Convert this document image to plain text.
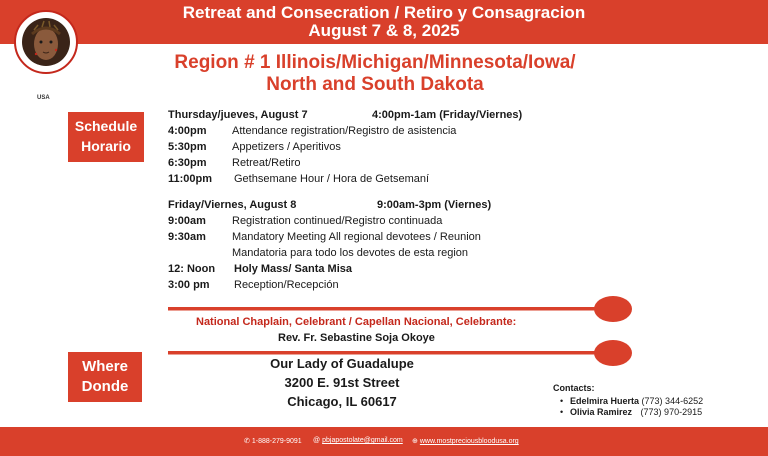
Retreat and Consecration / Retiro y Consagracion
August 7 & 8, 2025
USA
Region # 1 Illinois/Michigan/Minnesota/Iowa/
North and South Dakota
Schedule
Horario
Thursday/jueves, August 7	4:00pm-1am (Friday/Viernes)
4:00pm Attendance registration/Registro de asistencia
5:30pm Appetizers / Aperitivos
6:30pm Retreat/Retiro
11:00pm Gethsemane Hour / Hora de Getsemaní
Friday/Viernes, August 8	9:00am-3pm (Viernes)
9:00am Registration continued/Registro continuada
9:30am Mandatory Meeting All regional devotees / Reunion
Mandatoria para todo los devotes de esta region
12: Noon Holy Mass/ Santa Misa
3:00 pm Reception/Recepción
National Chaplain, Celebrant / Capellan Nacional, Celebrante:
Rev. Fr. Sebastine Soja Okoye
Where
Donde
Our Lady of Guadalupe
3200 E. 91st Street
Chicago, IL 60617
Contacts:
• Edelmira Huerta (773) 344-6252
• Olivia Ramirez (773) 970-2915
✆ 1-888-279-9091 @ pbjapostolate@gmail.com ⊕ www.mostpreciousbloodusa.org
